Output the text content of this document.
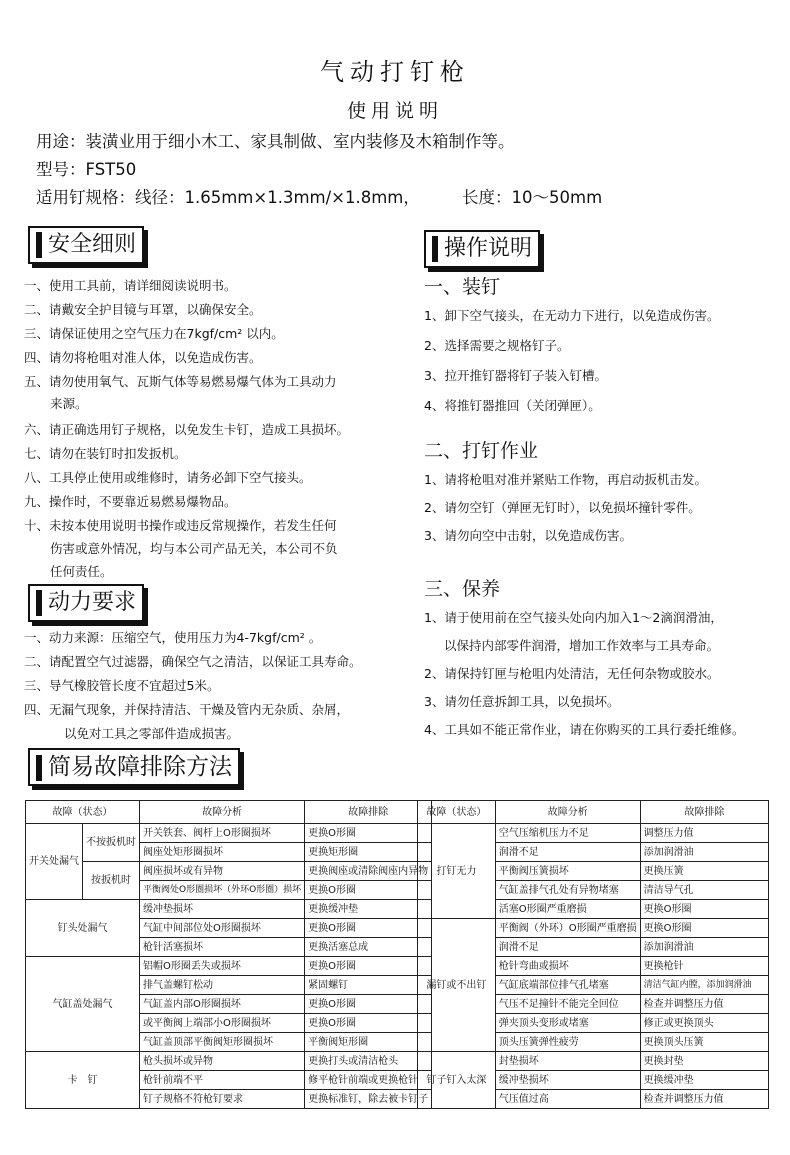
气动打钉枪
使用说明
用途：装潢业用于细小木工、家具制做、室内装修及木箱制作等。
型号：FST50
适用钉规格：线径：1.65mm×1.3mm/×1.8mm，	长度：10～50mm
安全细则
一、使用工具前，请详细阅读说明书。
二、请戴安全护目镜与耳罩，以确保安全。
三、请保证使用之空气压力在7kgf/cm² 以内。
四、请勿将枪咀对准人体，以免造成伤害。
五、请勿使用氧气、瓦斯气体等易燃易爆气体为工具动力
来源。
六、请正确选用钉子规格，以免发生卡钉，造成工具损坏。
七、请勿在装钉时扣发扳机。
八、工具停止使用或维修时，请务必卸下空气接头。
九、操作时，不要靠近易燃易爆物品。
十、未按本使用说明书操作或违反常规操作，若发生任何
伤害或意外情况，均与本公司产品无关，本公司不负
任何责任。
动力要求
一、动力来源：压缩空气，使用压力为4-7kgf/cm² 。
二、请配置空气过滤器，确保空气之清洁，以保证工具寿命。
三、导气橡胶管长度不宜超过5米。
四、无漏气现象，并保持清洁、干燥及管内无杂质、杂屑，
以免对工具之零部件造成损害。
操作说明
一、装钉
1、卸下空气接头，在无动力下进行，以免造成伤害。
2、选择需要之规格钉子。
3、拉开推钉器将钉子装入钉槽。
4、将推钉器推回（关闭弹匣）。
二、打钉作业
1、请将枪咀对准并紧贴工作物，再启动扳机击发。
2、请勿空钉（弹匣无钉时），以免损坏撞针零件。
3、请勿向空中击射，以免造成伤害。
三、保养
1、请于使用前在空气接头处向内加入1～2滴润滑油，
以保持内部零件润滑，增加工作效率与工具寿命。
2、请保持钉匣与枪咀内处清洁，无任何杂物或胶水。
3、请勿任意拆卸工具，以免损坏。
4、工具如不能正常作业，请在你购买的工具行委托维修。
简易故障排除方法
故障（状态）		故障分析	故障排除
开关处漏气	不按扳机时	开关铁套、阀杆上O形圈损坏	更换O形圈
		阀座处矩形圈损坏	更换矩形圈
	按扳机时	阀座损坏或有异物	更换阀座或清除阀座内异物
		平衡阀处O形圈损坏（外环O形圈）损坏	更换O形圈
钉头处漏气		缓冲垫损坏	更换缓冲垫
		气缸中间部位处O形圈损坏	更换O形圈
		枪针活塞损坏	更换活塞总成
气缸盖处漏气		铝帽O形圈丢失或损坏	更换O形圈
		排气盖螺钉松动	紧固螺钉
		气缸盖内部O形圈损坏	更换O形圈
		或平衡阀上端部小O形圈损坏	更换O形圈
		气缸盖顶部平衡阀矩形圈损坏	平衡阀矩形圈
卡　钉		枪头损坏或异物	更换打头或清洁枪头
		枪针前端不平	修平枪针前端或更换枪针
		钉子规格不符枪钉要求	更换标准钉，除去被卡钉子
故障（状态）	故障分析	故障排除
打钉无力	空气压缩机压力不足	调整压力值
	润滑不足	添加润滑油
	平衡阀压簧损坏	更换压簧
	气缸盖排气孔处有异物堵塞	清洁导气孔
	活塞O形圈严重磨损	更换O形圈
漏钉或不出钉	平衡阀（外环）O形圈严重磨损	更换O形圈
	润滑不足	添加润滑油
	枪针弯曲或损坏	更换枪针
	气缸底端部位排气孔堵塞	清洁气缸内膛，添加润滑油
	气压不足撞针不能完全回位	检查并调整压力值
	弹夹顶头变形或堵塞	修正或更换顶头
	顶头压簧弹性疲劳	更换顶头压簧
钉子钉入太深	封垫损坏	更换封垫
	缓冲垫损坏	更换缓冲垫
	气压值过高	检查并调整压力值
